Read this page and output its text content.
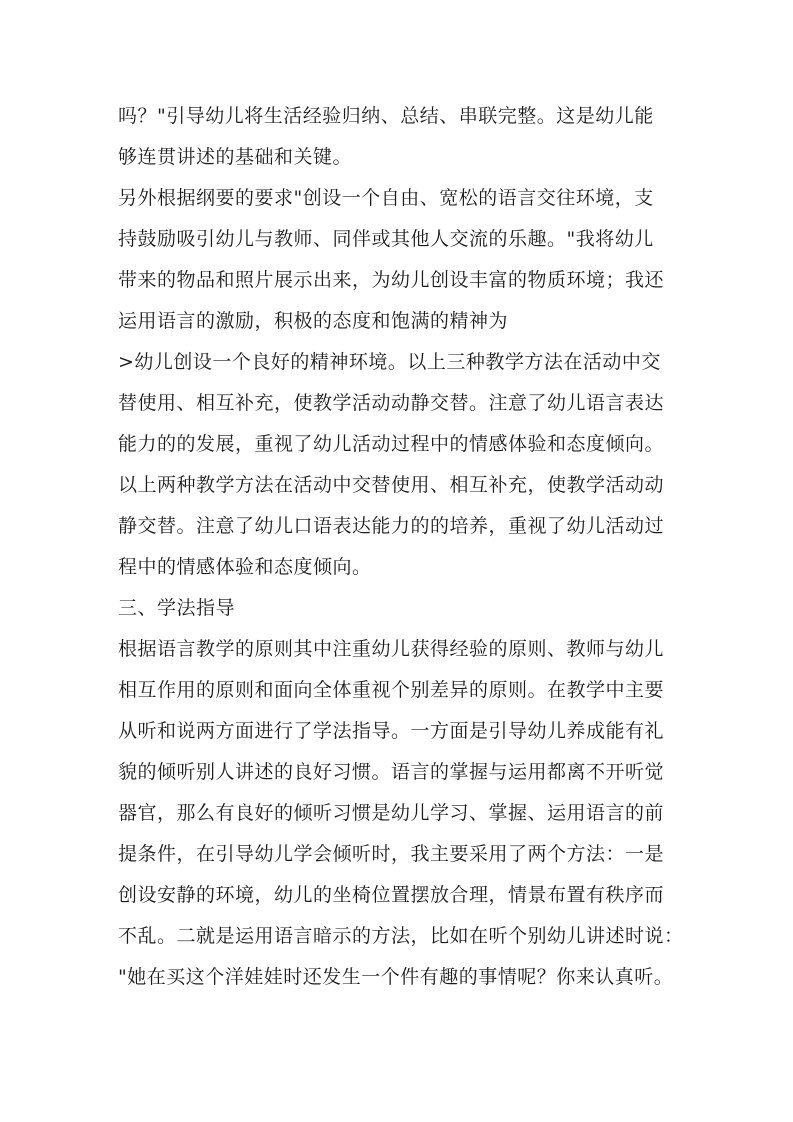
吗？"引导幼儿将生活经验归纳、总结、串联完整。这是幼儿能
够连贯讲述的基础和关键。
另外根据纲要的要求"创设一个自由、宽松的语言交往环境，支
持鼓励吸引幼儿与教师、同伴或其他人交流的乐趣。"我将幼儿
带来的物品和照片展示出来，为幼儿创设丰富的物质环境；我还
运用语言的激励，积极的态度和饱满的精神为
>幼儿创设一个良好的精神环境。以上三种教学方法在活动中交
替使用、相互补充，使教学活动动静交替。注意了幼儿语言表达
能力的的发展，重视了幼儿活动过程中的情感体验和态度倾向。
以上两种教学方法在活动中交替使用、相互补充，使教学活动动
静交替。注意了幼儿口语表达能力的的培养，重视了幼儿活动过
程中的情感体验和态度倾向。
三、学法指导
根据语言教学的原则其中注重幼儿获得经验的原则、教师与幼儿
相互作用的原则和面向全体重视个别差异的原则。在教学中主要
从听和说两方面进行了学法指导。一方面是引导幼儿养成能有礼
貌的倾听别人讲述的良好习惯。语言的掌握与运用都离不开听觉
器官，那么有良好的倾听习惯是幼儿学习、掌握、运用语言的前
提条件，在引导幼儿学会倾听时，我主要采用了两个方法：一是
创设安静的环境，幼儿的坐椅位置摆放合理，情景布置有秩序而
不乱。二就是运用语言暗示的方法，比如在听个别幼儿讲述时说：
"她在买这个洋娃娃时还发生一个件有趣的事情呢？你来认真听。
